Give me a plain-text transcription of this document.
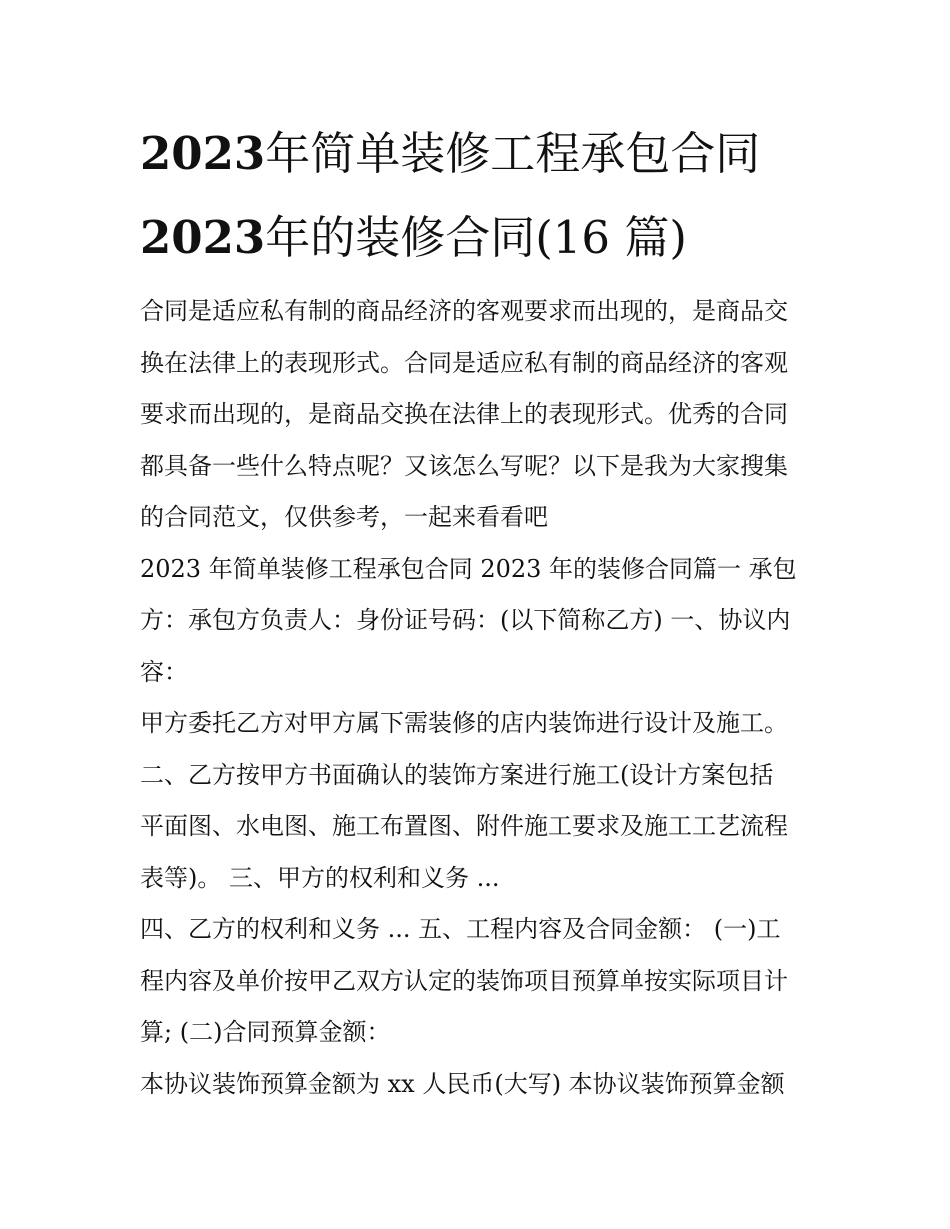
2023年简单装修工程承包合同
2023年的装修合同(16 篇)

合同是适应私有制的商品经济的客观要求而出现的，是商品交
换在法律上的表现形式。合同是适应私有制的商品经济的客观
要求而出现的，是商品交换在法律上的表现形式。优秀的合同
都具备一些什么特点呢？又该怎么写呢？以下是我为大家搜集
的合同范文，仅供参考，一起来看看吧

2023 年简单装修工程承包合同 2023 年的装修合同篇一 承包
方：承包方负责人：身份证号码：(以下简称乙方) 一、协议内
容：

甲方委托乙方对甲方属下需装修的店内装饰进行设计及施工。
二、乙方按甲方书面确认的装饰方案进行施工(设计方案包括
平面图、水电图、施工布置图、附件施工要求及施工工艺流程
表等)。 三、甲方的权利和义务 ...

四、乙方的权利和义务 ... 五、工程内容及合同金额： (一)工
程内容及单价按甲乙双方认定的装饰项目预算单按实际项目计
算; (二)合同预算金额：

本协议装饰预算金额为 xx 人民币(大写) 本协议装饰预算金额
